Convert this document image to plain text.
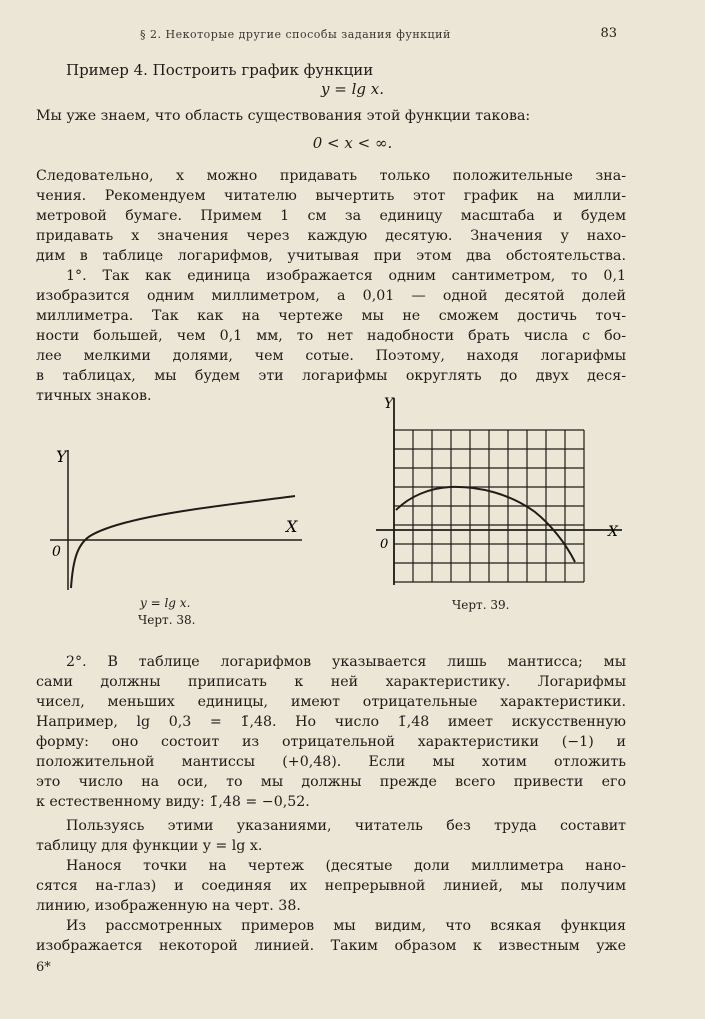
§ 2. Некоторые другие способы задания функций	83
Пример 4. Построить график функции
y = lg x.
Мы уже знаем, что область существования этой функции такова:
0 < x < ∞.
Следовательно, x можно придавать только положительные зна-
чения. Рекомендуем читателю вычертить этот график на милли-
метровой бумаге. Примем 1 см за единицу масштаба и будем
придавать x значения через каждую десятую. Значения y нахо-
дим в таблице логарифмов, учитывая при этом два обстоятельства.
1°. Так как единица изображается одним сантиметром, то 0,1
изобразится одним миллиметром, а 0,01 — одной десятой долей
миллиметра. Так как на чертеже мы не сможем достичь точ-
ности большей, чем 0,1 мм, то нет надобности брать числа с бо-
лее мелкими долями, чем сотые. Поэтому, находя логарифмы
в таблицах, мы будем эти логарифмы округлять до двух деся-
тичных знаков.
Y
X
0
y = lg x.
Черт. 38.
Y
X
0
Черт. 39.
2°. В таблице логарифмов указывается лишь мантисса; мы
сами должны приписать к ней характеристику. Логарифмы
чисел, меньших единицы, имеют отрицательные характеристики.
Например, lg 0,3 = 1̄,48. Но число 1̄,48 имеет искусственную
форму: оно состоит из отрицательной характеристики (−1) и
положительной мантиссы (+0,48). Если мы хотим отложить
это число на оси, то мы должны прежде всего привести его
к естественному виду: 1̄,48 = −0,52.
Пользуясь этими указаниями, читатель без труда составит
таблицу для функции y = lg x.
Нанося точки на чертеж (десятые доли миллиметра нано-
сятся на-глаз) и соединяя их непрерывной линией, мы получим
линию, изображенную на черт. 38.
Из рассмотренных примеров мы видим, что всякая функция
изображается некоторой линией. Таким образом к известным уже
6*
